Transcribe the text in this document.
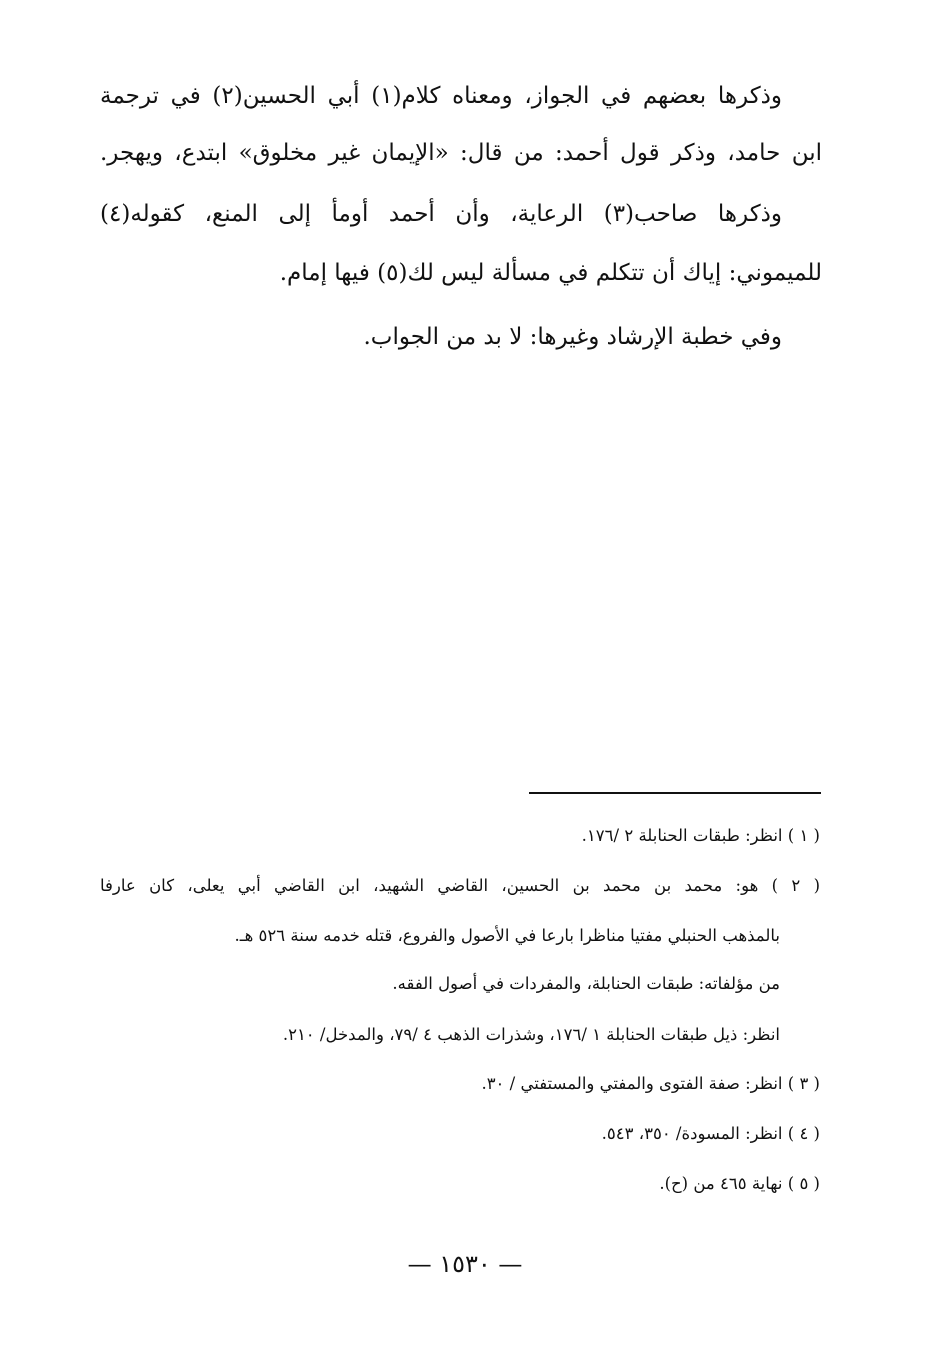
وذكرها بعضهم في الجواز، ومعناه كلام(١) أبي الحسين(٢) في ترجمة
ابن حامد، وذكر قول أحمد: من قال: «الإيمان غير مخلوق» ابتدع، ويهجر.
وذكرها صاحب(٣) الرعاية، وأن أحمد أومأ إلى المنع، كقوله(٤)
للميموني: إياك أن تتكلم في مسألة ليس لك(٥) فيها إمام.
وفي خطبة الإرشاد وغيرها: لا بد من الجواب.
( ١ ) انظر: طبقات الحنابلة ٢ /١٧٦.
( ٢ ) هو: محمد بن محمد بن الحسين، القاضي الشهيد، ابن القاضي أبي يعلى، كان عارفا
بالمذهب الحنبلي مفتيا مناظرا بارعا في الأصول والفروع، قتله خدمه سنة ٥٢٦ هـ.
من مؤلفاته: طبقات الحنابلة، والمفردات في أصول الفقه.
انظر: ذيل طبقات الحنابلة ١ /١٧٦، وشذرات الذهب ٤ /٧٩، والمدخل/ ٢١٠.
( ٣ ) انظر: صفة الفتوى والمفتي والمستفتي / ٣٠.
( ٤ ) انظر: المسودة/ ٣٥٠، ٥٤٣.
( ٥ ) نهاية ٤٦٥ من (ح).
— ١٥٣٠ —
